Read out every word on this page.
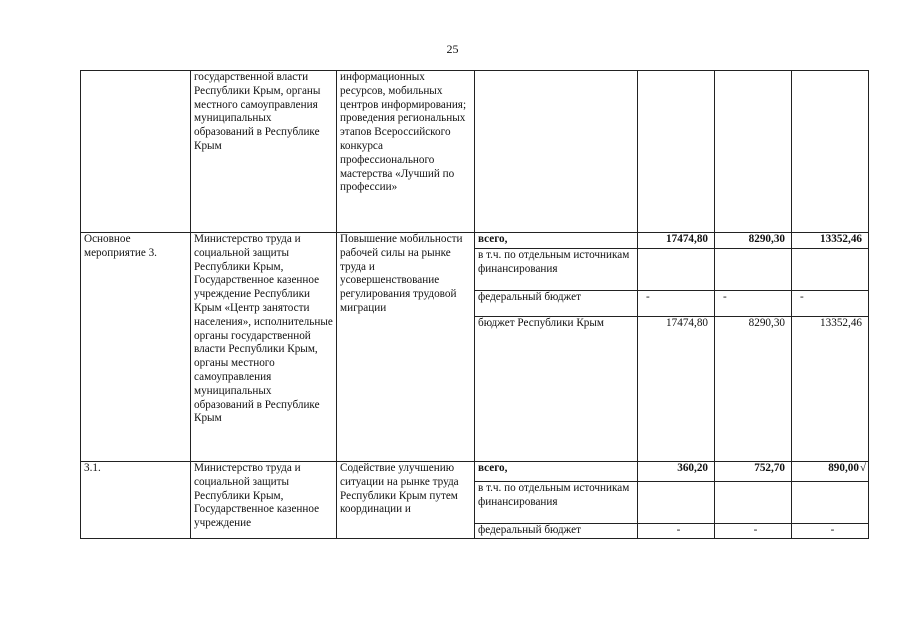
25
	государственной власти Республики Крым, органы местного самоуправления муниципальных образований в Республике Крым	информационных ресурсов, мобильных центров информирования; проведения региональных этапов Всероссийского конкурса профессионального мастерства «Лучший по профессии»				
Основное мероприятие 3.	Министерство труда и социальной защиты Республики Крым, Государственное казенное учреждение Республики Крым «Центр занятости населения», исполнительные органы государственной власти Республики Крым, органы местного самоуправления муниципальных образований в Республике Крым	Повышение мобильности рабочей силы на рынке труда и усовершенствование регулирования трудовой миграции	всего,	17474,80	8290,30	13352,46
			в т.ч. по отдельным источникам финансирования			
			федеральный бюджет	-	-	-
			бюджет Республики Крым	17474,80	8290,30	13352,46
3.1.	Министерство труда и социальной защиты Республики Крым, Государственное казенное учреждение	Содействие улучшению ситуации на рынке труда Республики Крым путем координации и	всего,	360,20	752,70	890,00√
			в т.ч. по отдельным источникам финансирования			
			федеральный бюджет	-	-	-
